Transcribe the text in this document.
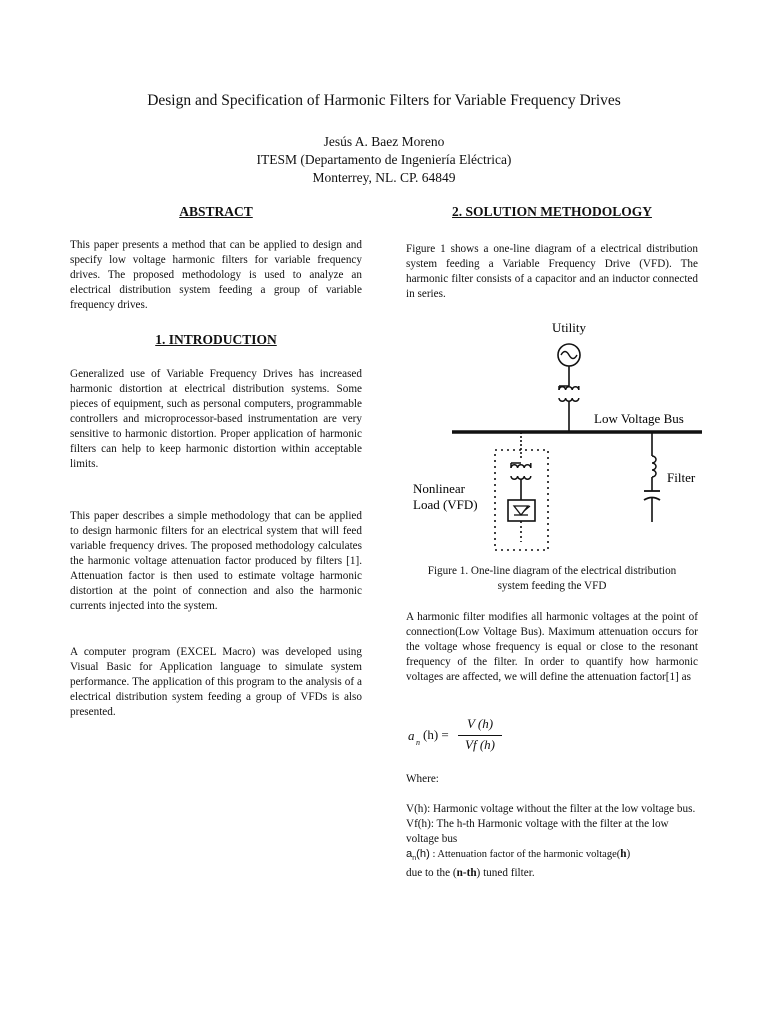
Design and Specification of Harmonic Filters for Variable Frequency Drives
Jesús A. Baez Moreno
ITESM (Departamento de Ingeniería Eléctrica)
Monterrey, NL. CP. 64849
ABSTRACT
This paper presents a method that can be applied to design and specify low voltage harmonic filters for variable frequency drives. The proposed methodology is used to analyze an electrical distribution system feeding a group of variable frequency drives.
1. INTRODUCTION
Generalized use of Variable Frequency Drives has increased harmonic distortion at electrical distribution systems. Some pieces of equipment, such as personal computers, programmable controllers and microprocessor-based instrumentation are very sensitive to harmonic distortion. Proper application of harmonic filters can help to keep harmonic distortion within acceptable limits.
This paper describes a simple methodology that can be applied to design harmonic filters for an electrical system that will feed variable frequency drives. The proposed methodology calculates the harmonic voltage attenuation factor produced by filters [1]. Attenuation factor is then used to estimate voltage harmonic distortion at the point of connection and also the harmonic currents injected into the system.
A computer program (EXCEL Macro) was developed using Visual Basic for Application language to simulate system performance. The application of this program to the analysis of a electrical distribution system feeding a group of VFDs is also presented.
2. SOLUTION METHODOLOGY
Figure 1 shows a one-line diagram of a electrical distribution system feeding a Variable Frequency Drive (VFD). The harmonic filter consists of a capacitor and an inductor connected in series.
Utility
Low Voltage Bus
Filter
Nonlinear
Load (VFD)
Figure 1. One-line diagram of the electrical distribution
system feeding the VFD
A harmonic filter modifies all harmonic voltages at the point of connection(Low Voltage Bus). Maximum attenuation occurs for the voltage whose frequency is equal or close to the resonant frequency of the filter. In order to quantify how harmonic voltages are affected, we will define the attenuation factor[1] as
a n
(h) =
V (h)
Vf (h)
Where:
V(h): Harmonic voltage without the filter at the low voltage bus.
Vf(h): The h-th Harmonic voltage with the filter at the low voltage bus
$a_n(h)$ : Attenuation factor of the harmonic voltage(h)
due to the (n-th) tuned filter.
